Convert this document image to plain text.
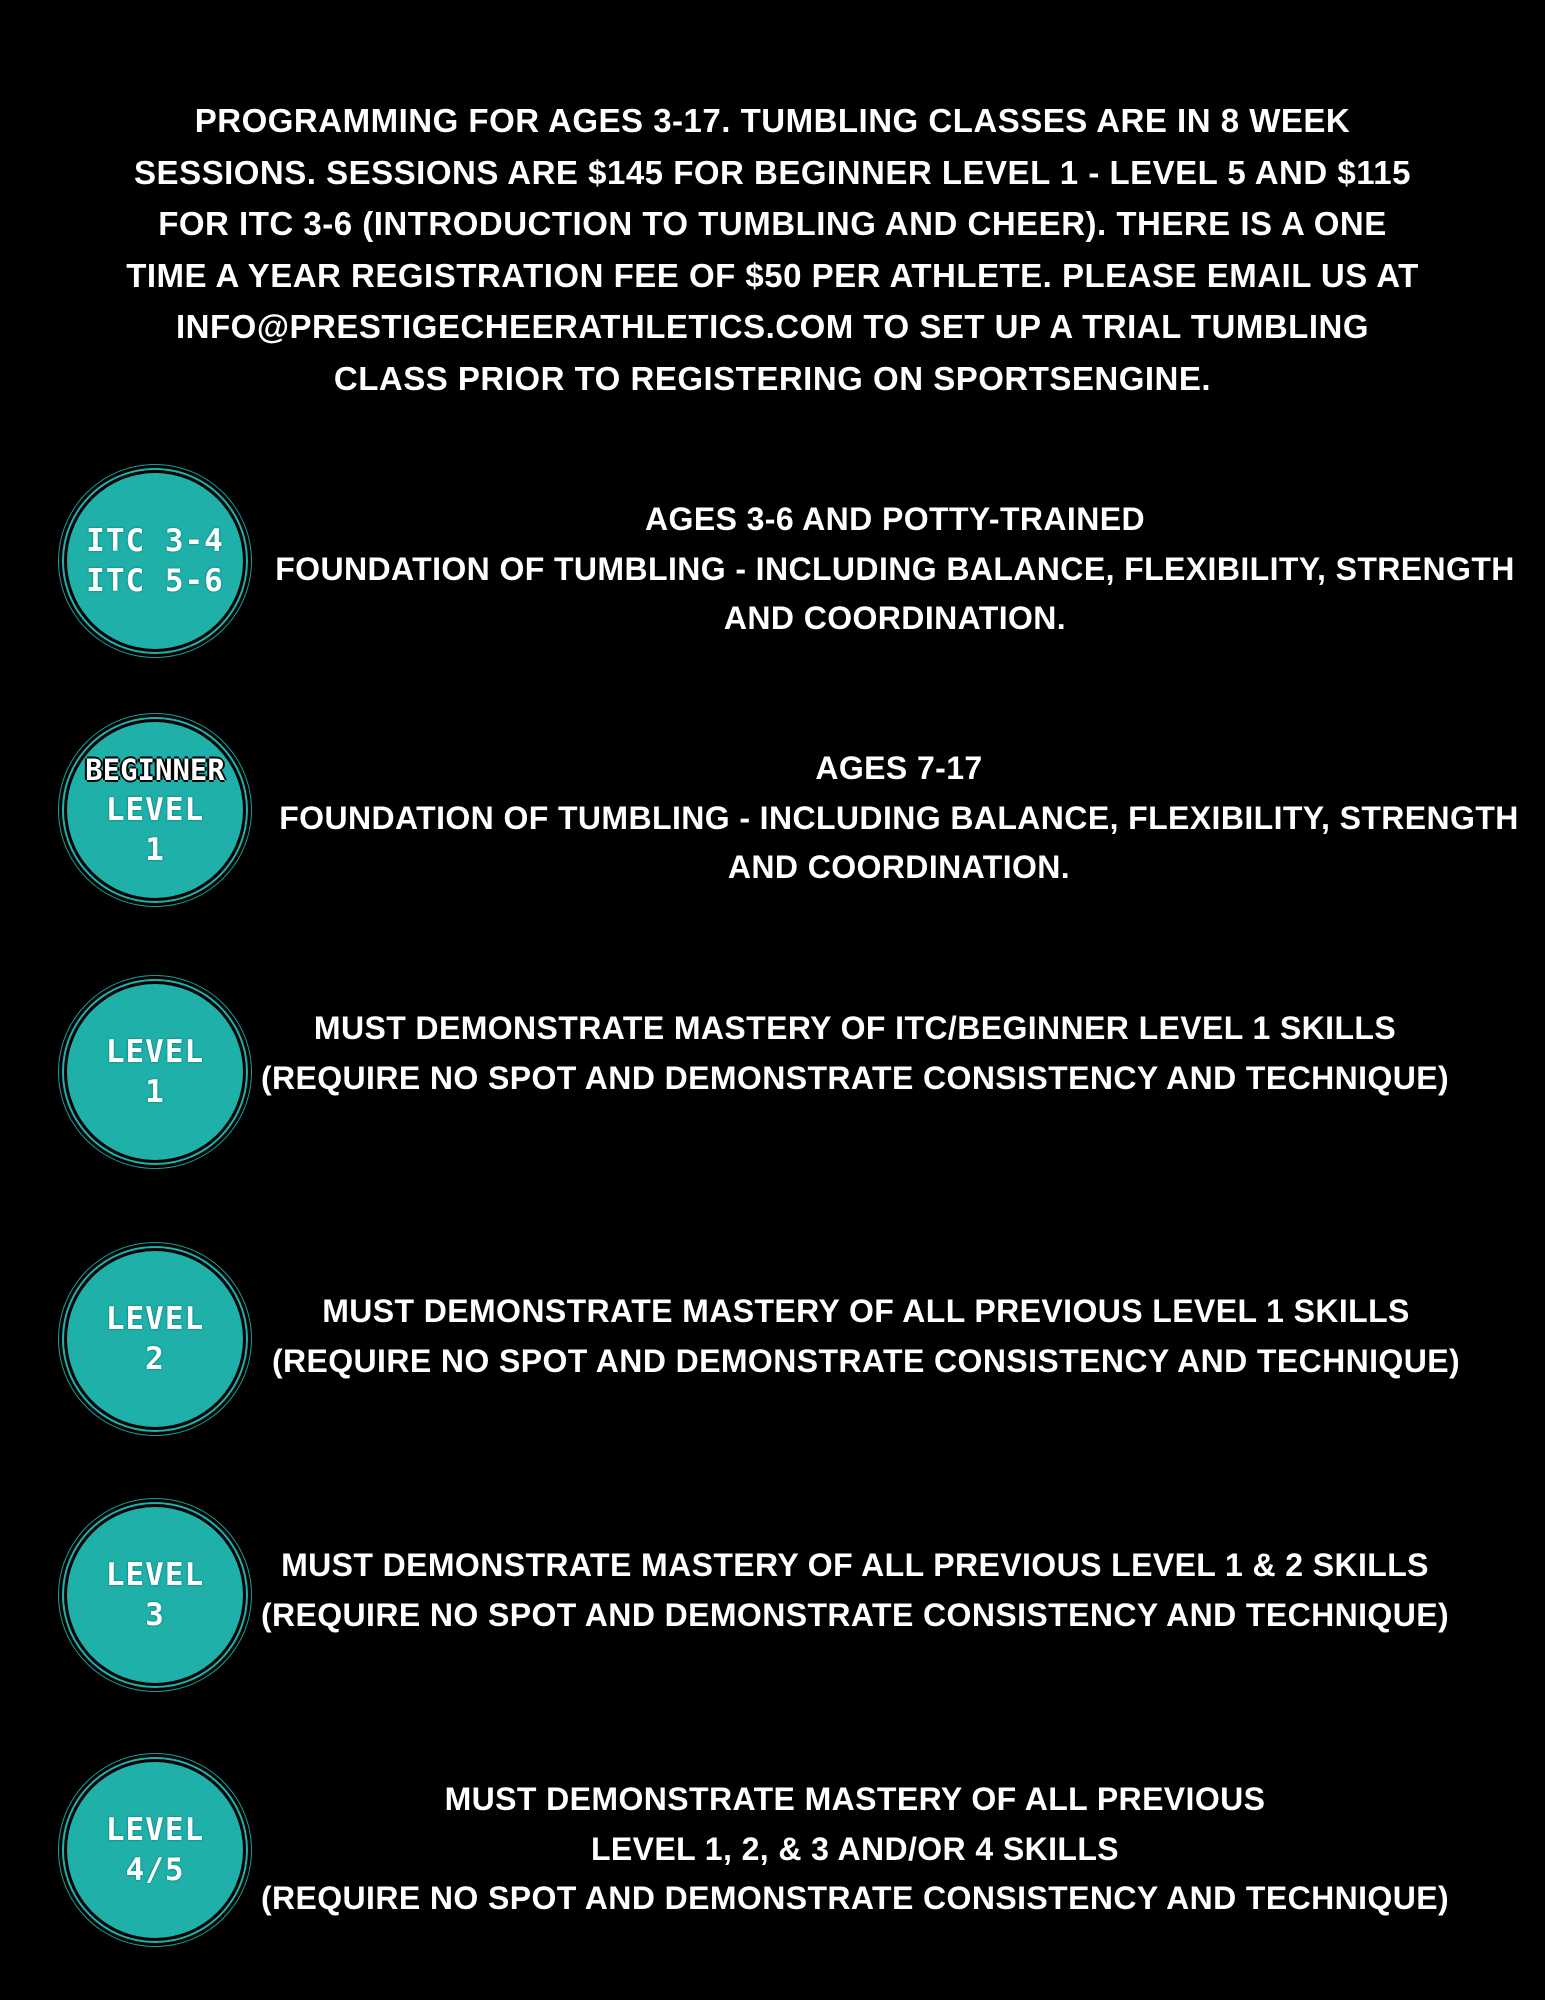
PROGRAMMING FOR AGES 3-17. TUMBLING CLASSES ARE IN 8 WEEK
SESSIONS. SESSIONS ARE $145 FOR BEGINNER LEVEL 1 - LEVEL 5 AND $115
FOR ITC 3-6 (INTRODUCTION TO TUMBLING AND CHEER). THERE IS A ONE
TIME A YEAR REGISTRATION FEE OF $50 PER ATHLETE. PLEASE EMAIL US AT
INFO@PRESTIGECHEERATHLETICS.COM TO SET UP A TRIAL TUMBLING
CLASS PRIOR TO REGISTERING ON SPORTSENGINE.

ITC 3-4
ITC 5-6

AGES 3-6 AND POTTY-TRAINED
FOUNDATION OF TUMBLING - INCLUDING BALANCE, FLEXIBILITY, STRENGTH
AND COORDINATION.

BEGINNER
LEVEL
1

AGES 7-17
FOUNDATION OF TUMBLING - INCLUDING BALANCE, FLEXIBILITY, STRENGTH
AND COORDINATION.

LEVEL
1

MUST DEMONSTRATE MASTERY OF ITC/BEGINNER LEVEL 1 SKILLS
(REQUIRE NO SPOT AND DEMONSTRATE CONSISTENCY AND TECHNIQUE)

LEVEL
2

MUST DEMONSTRATE MASTERY OF ALL PREVIOUS LEVEL 1 SKILLS
(REQUIRE NO SPOT AND DEMONSTRATE CONSISTENCY AND TECHNIQUE)

LEVEL
3

MUST DEMONSTRATE MASTERY OF ALL PREVIOUS LEVEL 1 & 2 SKILLS
(REQUIRE NO SPOT AND DEMONSTRATE CONSISTENCY AND TECHNIQUE)

LEVEL
4/5

MUST DEMONSTRATE MASTERY OF ALL PREVIOUS
LEVEL 1, 2, & 3 AND/OR 4 SKILLS
(REQUIRE NO SPOT AND DEMONSTRATE CONSISTENCY AND TECHNIQUE)
